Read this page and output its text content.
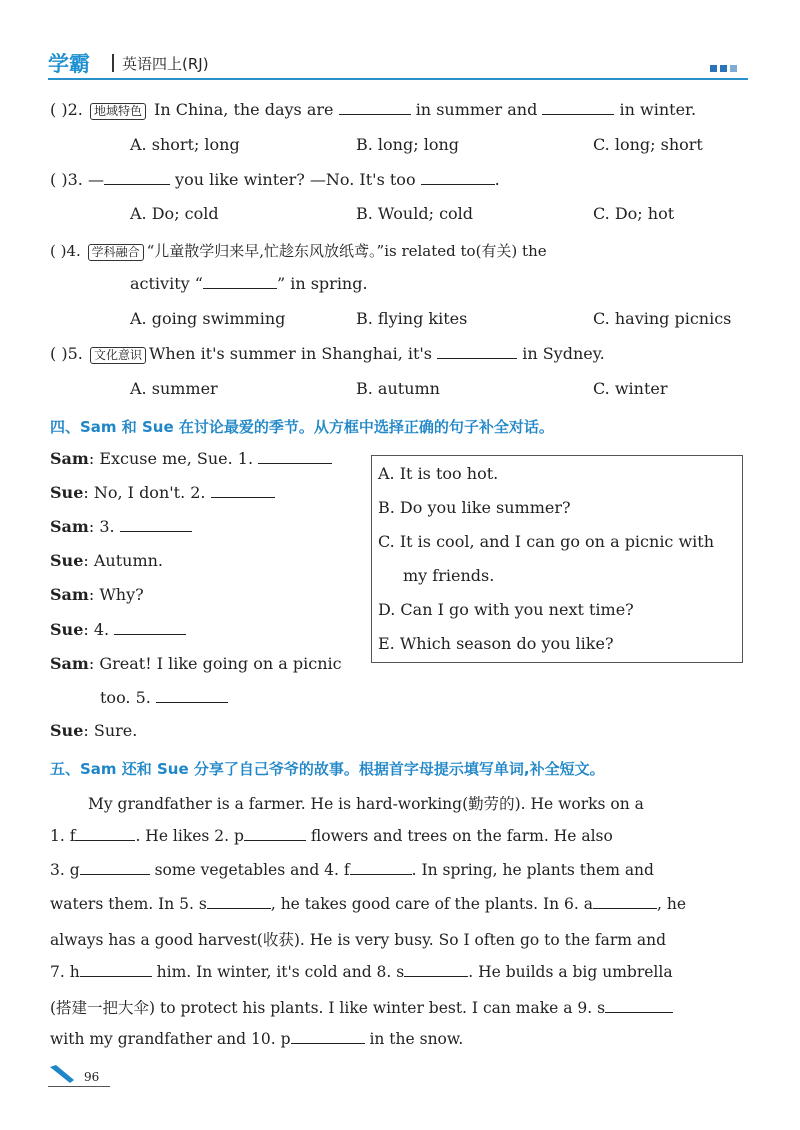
学霸 英语四上(RJ)
( )2. 地域特色 In China, the days are	in summer and	in winter.
A. short; long	B. long; long	C. long; short
( )3. —	you like winter? —No. It's too	.
A. Do; cold	B. Would; cold	C. Do; hot
( )4. 学科融合 “儿童散学归来早,忙趁东风放纸鸢。”is related to(有关) the
activity “	” in spring.
A. going swimming	B. flying kites	C. having picnics
( )5. 文化意识 When it's summer in Shanghai, it's	in Sydney.
A. summer	B. autumn	C. winter
四、Sam 和 Sue 在讨论最爱的季节。从方框中选择正确的句子补全对话。
Sam: Excuse me, Sue. 1.
Sue: No, I don't. 2.
Sam: 3.
Sue: Autumn.
Sam: Why?
Sue: 4.
Sam: Great! I like going on a picnic
too. 5.
Sue: Sure.
A. It is too hot.
B. Do you like summer?
C. It is cool, and I can go on a picnic with
my friends.
D. Can I go with you next time?
E. Which season do you like?
五、Sam 还和 Sue 分享了自己爷爷的故事。根据首字母提示填写单词,补全短文。
My grandfather is a farmer. He is hard-working(勤劳的). He works on a
1. f	. He likes 2. p	flowers and trees on the farm. He also
3. g	some vegetables and 4. f	. In spring, he plants them and
waters them. In 5. s	, he takes good care of the plants. In 6. a	, he
always has a good harvest(收获). He is very busy. So I often go to the farm and
7. h	him. In winter, it's cold and 8. s	. He builds a big umbrella
(搭建一把大伞) to protect his plants. I like winter best. I can make a 9. s
with my grandfather and 10. p	in the snow.
96
